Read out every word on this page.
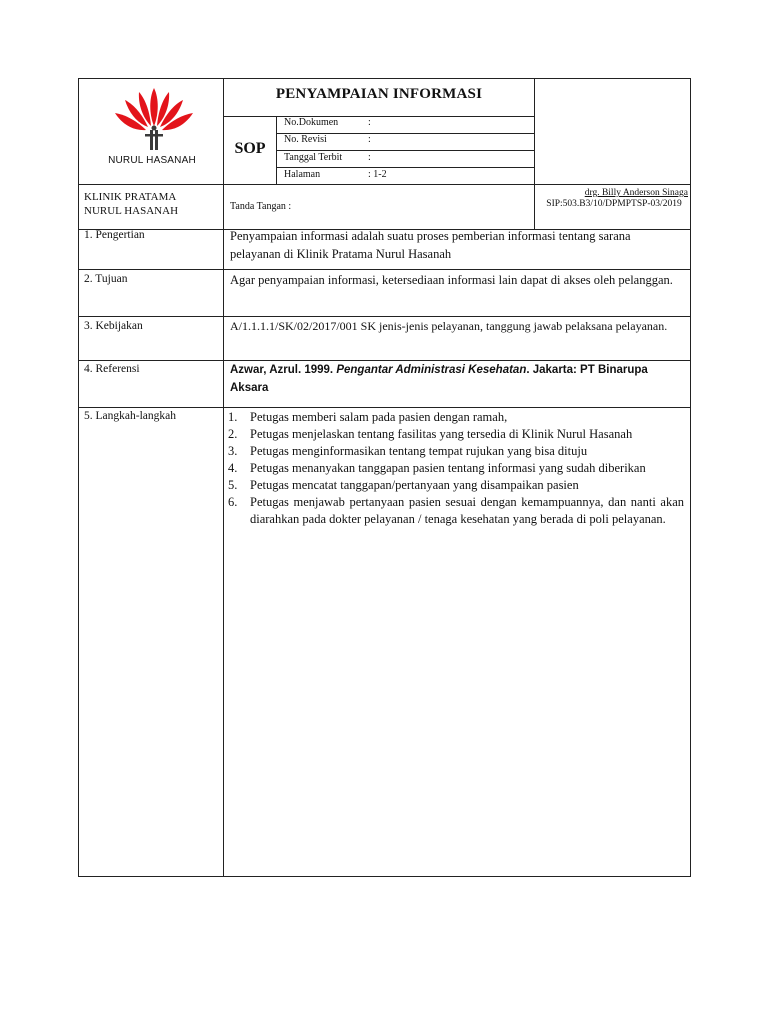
NURUL HASANAH
PENYAMPAIAN INFORMASI
SOP
No.Dokumen	:
No. Revisi	:
Tanggal Terbit	:
Halaman	: 1-2
KLINIK PRATAMA
NURUL HASANAH	Tanda Tangan :
drg. Billy Anderson Sinaga
SIP:503.B3/10/DPMPTSP-03/2019
1. Pengertian	Penyampaian informasi adalah suatu proses pemberian informasi tentang sarana pelayanan di Klinik Pratama Nurul Hasanah
2. Tujuan	Agar penyampaian informasi, ketersediaan informasi lain dapat di akses oleh pelanggan.
3. Kebijakan	A/1.1.1.1/SK/02/2017/001 SK jenis-jenis pelayanan, tanggung jawab pelaksana pelayanan.
4. Referensi	Azwar, Azrul. 1999. Pengantar Administrasi Kesehatan. Jakarta: PT Binarupa Aksara
5. Langkah-langkah	1. Petugas memberi salam pada pasien dengan ramah,
2. Petugas menjelaskan tentang fasilitas yang tersedia di Klinik Nurul Hasanah
3. Petugas menginformasikan tentang tempat rujukan yang bisa dituju
4. Petugas menanyakan tanggapan pasien tentang informasi yang sudah diberikan
5. Petugas mencatat tanggapan/pertanyaan yang disampaikan pasien
6. Petugas menjawab pertanyaan pasien sesuai dengan kemampuannya, dan nanti akan diarahkan pada dokter pelayanan / tenaga kesehatan yang berada di poli pelayanan.
